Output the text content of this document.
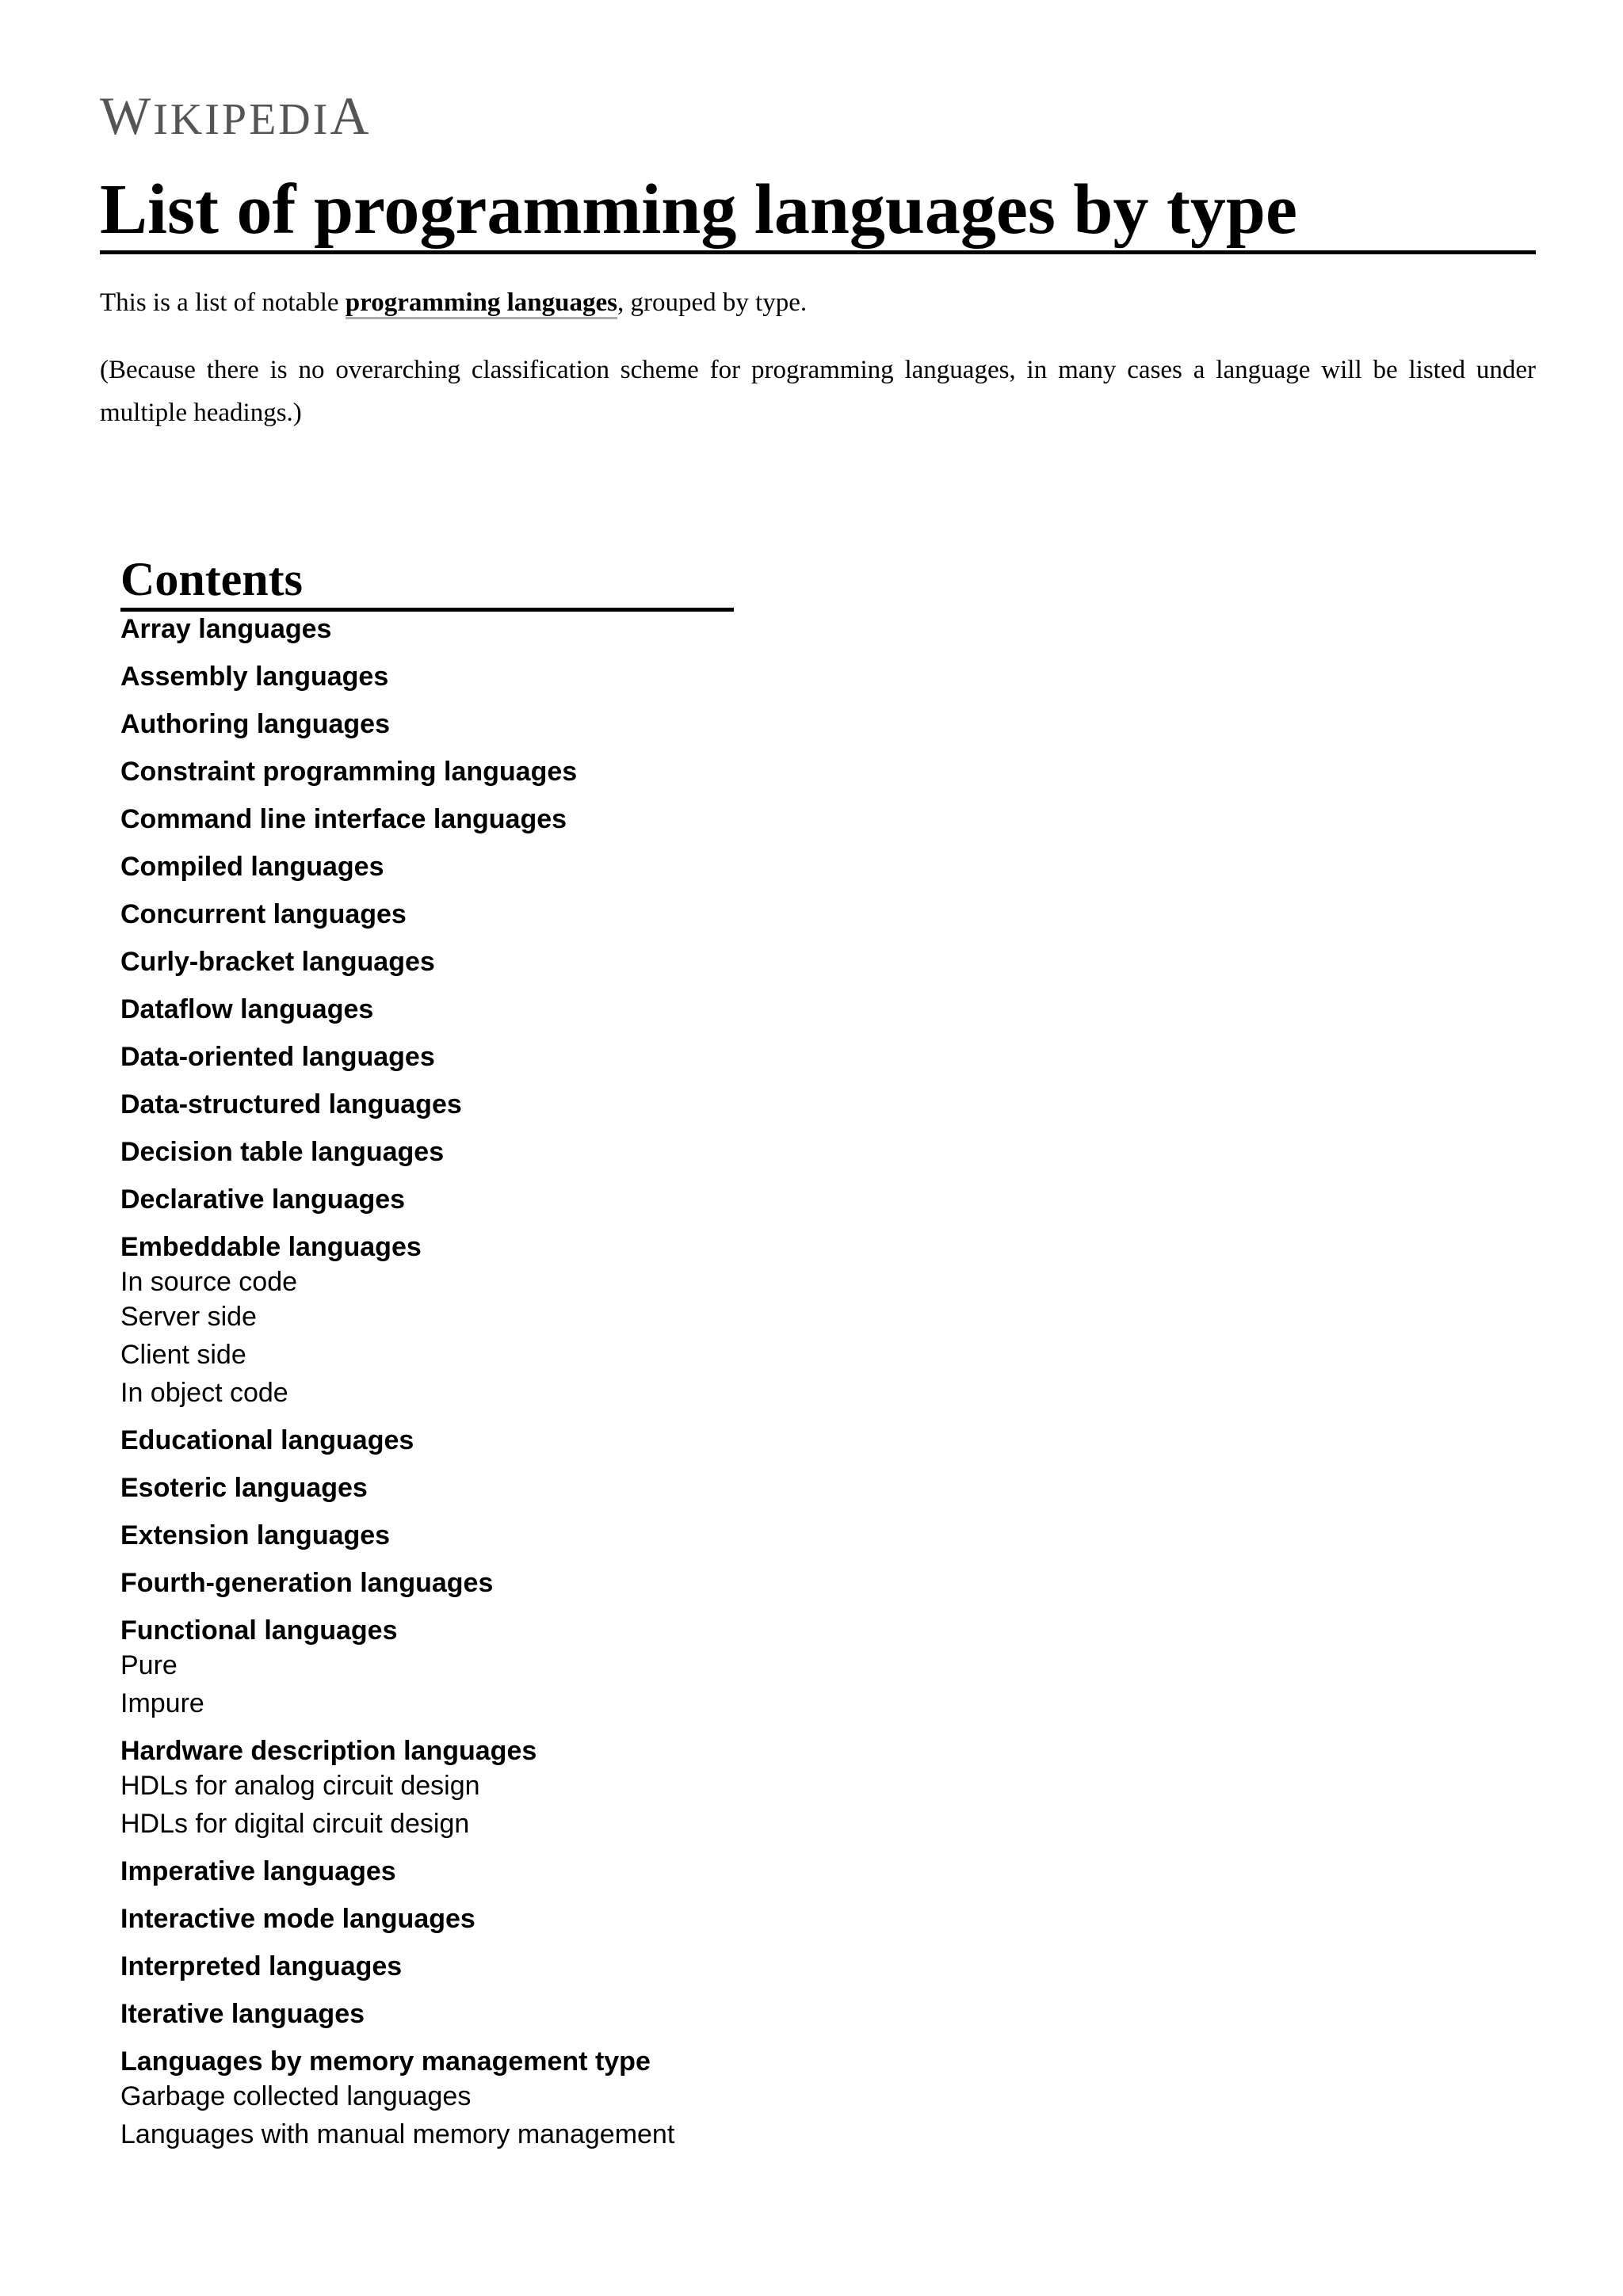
WIKIPEDIA
List of programming languages by type

This is a list of notable programming languages, grouped by type.

(Because there is no overarching classification scheme for programming languages, in many cases a language will be listed under multiple headings.)

Contents
Array languages
Assembly languages
Authoring languages
Constraint programming languages
Command line interface languages
Compiled languages
Concurrent languages
Curly-bracket languages
Dataflow languages
Data-oriented languages
Data-structured languages
Decision table languages
Declarative languages
Embeddable languages
In source code
Server side
Client side
In object code
Educational languages
Esoteric languages
Extension languages
Fourth-generation languages
Functional languages
Pure
Impure
Hardware description languages
HDLs for analog circuit design
HDLs for digital circuit design
Imperative languages
Interactive mode languages
Interpreted languages
Iterative languages
Languages by memory management type
Garbage collected languages
Languages with manual memory management
